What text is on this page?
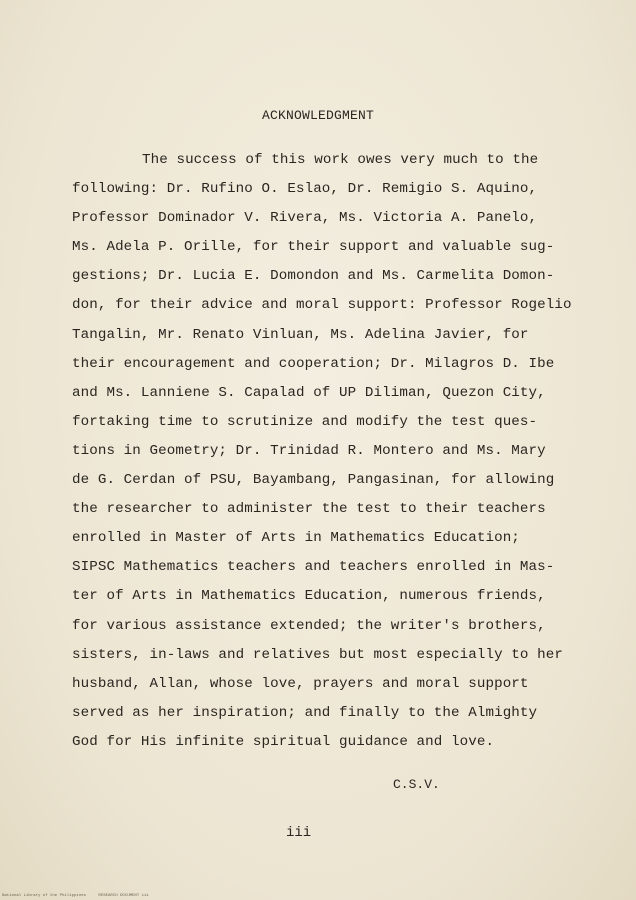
ACKNOWLEDGMENT
The success of this work owes very much to the
following: Dr. Rufino O. Eslao, Dr. Remigio S. Aquino,
Professor Dominador V. Rivera, Ms. Victoria A. Panelo,
Ms. Adela P. Orille, for their support and valuable sug-
gestions; Dr. Lucia E. Domondon and Ms. Carmelita Domon-
don, for their advice and moral support: Professor Rogelio
Tangalin, Mr. Renato Vinluan, Ms. Adelina Javier, for
their encouragement and cooperation; Dr. Milagros D. Ibe
and Ms. Lanniene S. Capalad of UP Diliman, Quezon City,
fortaking time to scrutinize and modify the test ques-
tions in Geometry; Dr. Trinidad R. Montero and Ms. Mary
de G. Cerdan of PSU, Bayambang, Pangasinan, for allowing
the researcher to administer the test to their teachers
enrolled in Master of Arts in Mathematics Education;
SIPSC Mathematics teachers and teachers enrolled in Mas-
ter of Arts in Mathematics Education, numerous friends,
for various assistance extended; the writer's brothers,
sisters, in-laws and relatives but most especially to her
husband, Allan, whose love, prayers and moral support
served as her inspiration; and finally to the Almighty
God for His infinite spiritual guidance and love.
C.S.V.
iii
National Library of the Philippines	RESEARCH DOCUMENT iii
